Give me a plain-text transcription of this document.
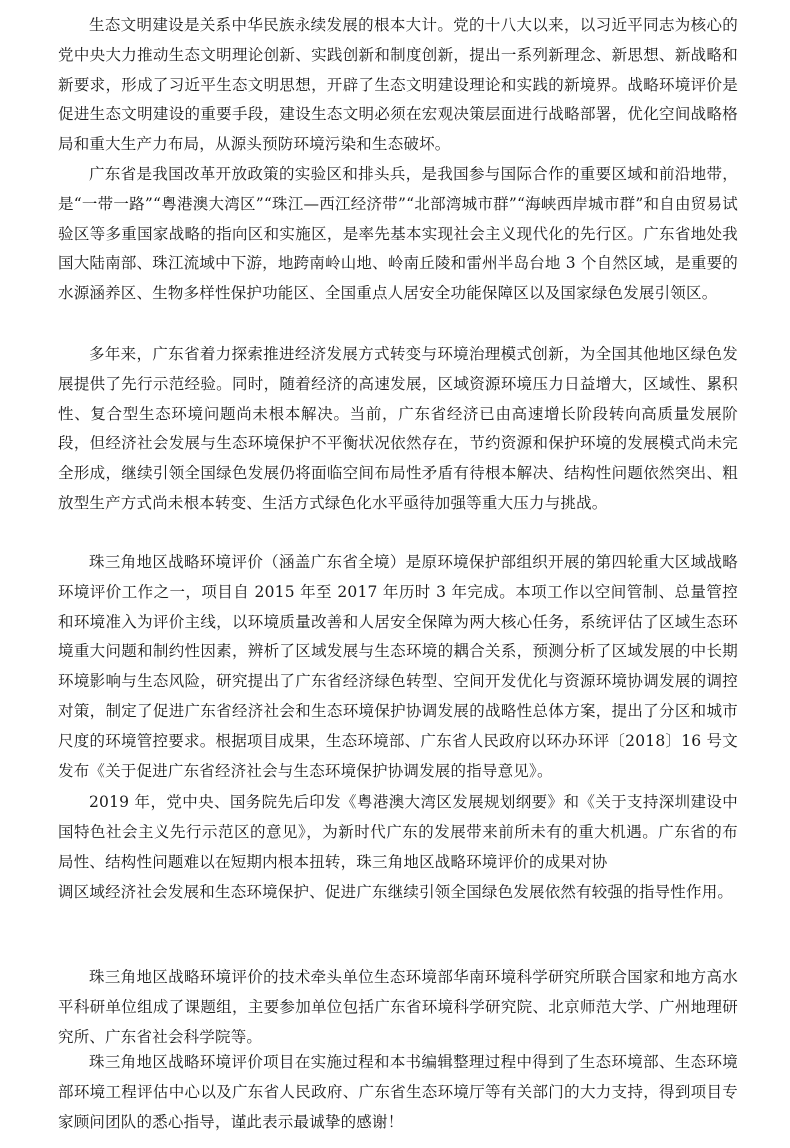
生态文明建设是关系中华民族永续发展的根本大计。党的十八大以来，以习近平同志为核心的党中央大力推动生态文明理论创新、实践创新和制度创新，提出一系列新理念、新思想、新战略和新要求，形成了习近平生态文明思想，开辟了生态文明建设理论和实践的新境界。战略环境评价是促进生态文明建设的重要手段，建设生态文明必须在宏观决策层面进行战略部署，优化空间战略格局和重大生产力布局，从源头预防环境污染和生态破坏。

广东省是我国改革开放政策的实验区和排头兵，是我国参与国际合作的重要区域和前沿地带，是“一带一路”“粤港澳大湾区”“珠江—西江经济带”“北部湾城市群”“海峡西岸城市群”和自由贸易试验区等多重国家战略的指向区和实施区，是率先基本实现社会主义现代化的先行区。广东省地处我国大陆南部、珠江流域中下游，地跨南岭山地、岭南丘陵和雷州半岛台地 3 个自然区域，是重要的水源涵养区、生物多样性保护功能区、全国重点人居安全功能保障区以及国家绿色发展引领区。

多年来，广东省着力探索推进经济发展方式转变与环境治理模式创新，为全国其他地区绿色发展提供了先行示范经验。同时，随着经济的高速发展，区域资源环境压力日益增大，区域性、累积性、复合型生态环境问题尚未根本解决。当前，广东省经济已由高速增长阶段转向高质量发展阶段，但经济社会发展与生态环境保护不平衡状况依然存在，节约资源和保护环境的发展模式尚未完全形成，继续引领全国绿色发展仍将面临空间布局性矛盾有待根本解决、结构性问题依然突出、粗放型生产方式尚未根本转变、生活方式绿色化水平亟待加强等重大压力与挑战。

珠三角地区战略环境评价（涵盖广东省全境）是原环境保护部组织开展的第四轮重大区域战略环境评价工作之一，项目自 2015 年至 2017 年历时 3 年完成。本项工作以空间管制、总量管控和环境准入为评价主线，以环境质量改善和人居安全保障为两大核心任务，系统评估了区域生态环境重大问题和制约性因素，辨析了区域发展与生态环境的耦合关系，预测分析了区域发展的中长期环境影响与生态风险，研究提出了广东省经济绿色转型、空间开发优化与资源环境协调发展的调控对策，制定了促进广东省经济社会和生态环境保护协调发展的战略性总体方案，提出了分区和城市尺度的环境管控要求。根据项目成果，生态环境部、广东省人民政府以环办环评〔2018〕16 号文发布《关于促进广东省经济社会与生态环境保护协调发展的指导意见》。

2019 年，党中央、国务院先后印发《粤港澳大湾区发展规划纲要》和《关于支持深圳建设中国特色社会主义先行示范区的意见》，为新时代广东的发展带来前所未有的重大机遇。广东省的布局性、结构性问题难以在短期内根本扭转，珠三角地区战略环境评价的成果对协

调区域经济社会发展和生态环境保护、促进广东继续引领全国绿色发展依然有较强的指导性作用。

珠三角地区战略环境评价的技术牵头单位生态环境部华南环境科学研究所联合国家和地方高水平科研单位组成了课题组，主要参加单位包括广东省环境科学研究院、北京师范大学、广州地理研究所、广东省社会科学院等。

珠三角地区战略环境评价项目在实施过程和本书编辑整理过程中得到了生态环境部、生态环境部环境工程评估中心以及广东省人民政府、广东省生态环境厅等有关部门的大力支持，得到项目专家顾问团队的悉心指导，谨此表示最诚挚的感谢！
